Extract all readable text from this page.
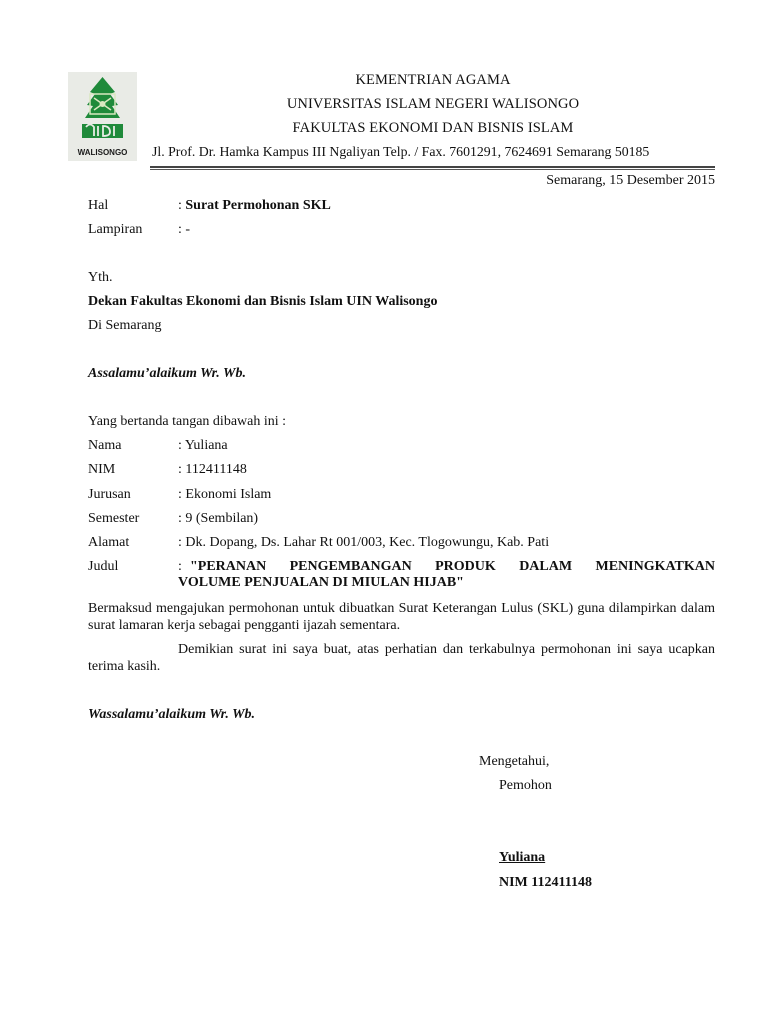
WALISONGO
KEMENTRIAN AGAMA
UNIVERSITAS ISLAM NEGERI WALISONGO
FAKULTAS EKONOMI DAN BISNIS ISLAM
Jl. Prof. Dr. Hamka Kampus III Ngaliyan Telp. / Fax. 7601291, 7624691 Semarang 50185
Semarang, 15 Desember 2015
Hal	: Surat Permohonan SKL
Lampiran	: -
Yth.
Dekan Fakultas Ekonomi dan Bisnis Islam UIN Walisongo
Di Semarang
Assalamu’alaikum Wr. Wb.
Yang bertanda tangan dibawah ini :
Nama	: Yuliana
NIM	: 112411148
Jurusan	: Ekonomi Islam
Semester	: 9 (Sembilan)
Alamat	: Dk. Dopang, Ds. Lahar Rt 001/003, Kec. Tlogowungu, Kab. Pati
Judul	: "PERANAN PENGEMBANGAN PRODUK DALAM MENINGKATKAN
VOLUME PENJUALAN DI MIULAN HIJAB"
Bermaksud mengajukan permohonan untuk dibuatkan Surat Keterangan Lulus (SKL) guna dilampirkan dalam surat lamaran kerja sebagai pengganti ijazah sementara.
Demikian surat ini saya buat, atas perhatian dan terkabulnya permohonan ini saya ucapkan terima kasih.
Wassalamu’alaikum Wr. Wb.
Mengetahui,
Pemohon
Yuliana
NIM 112411148
